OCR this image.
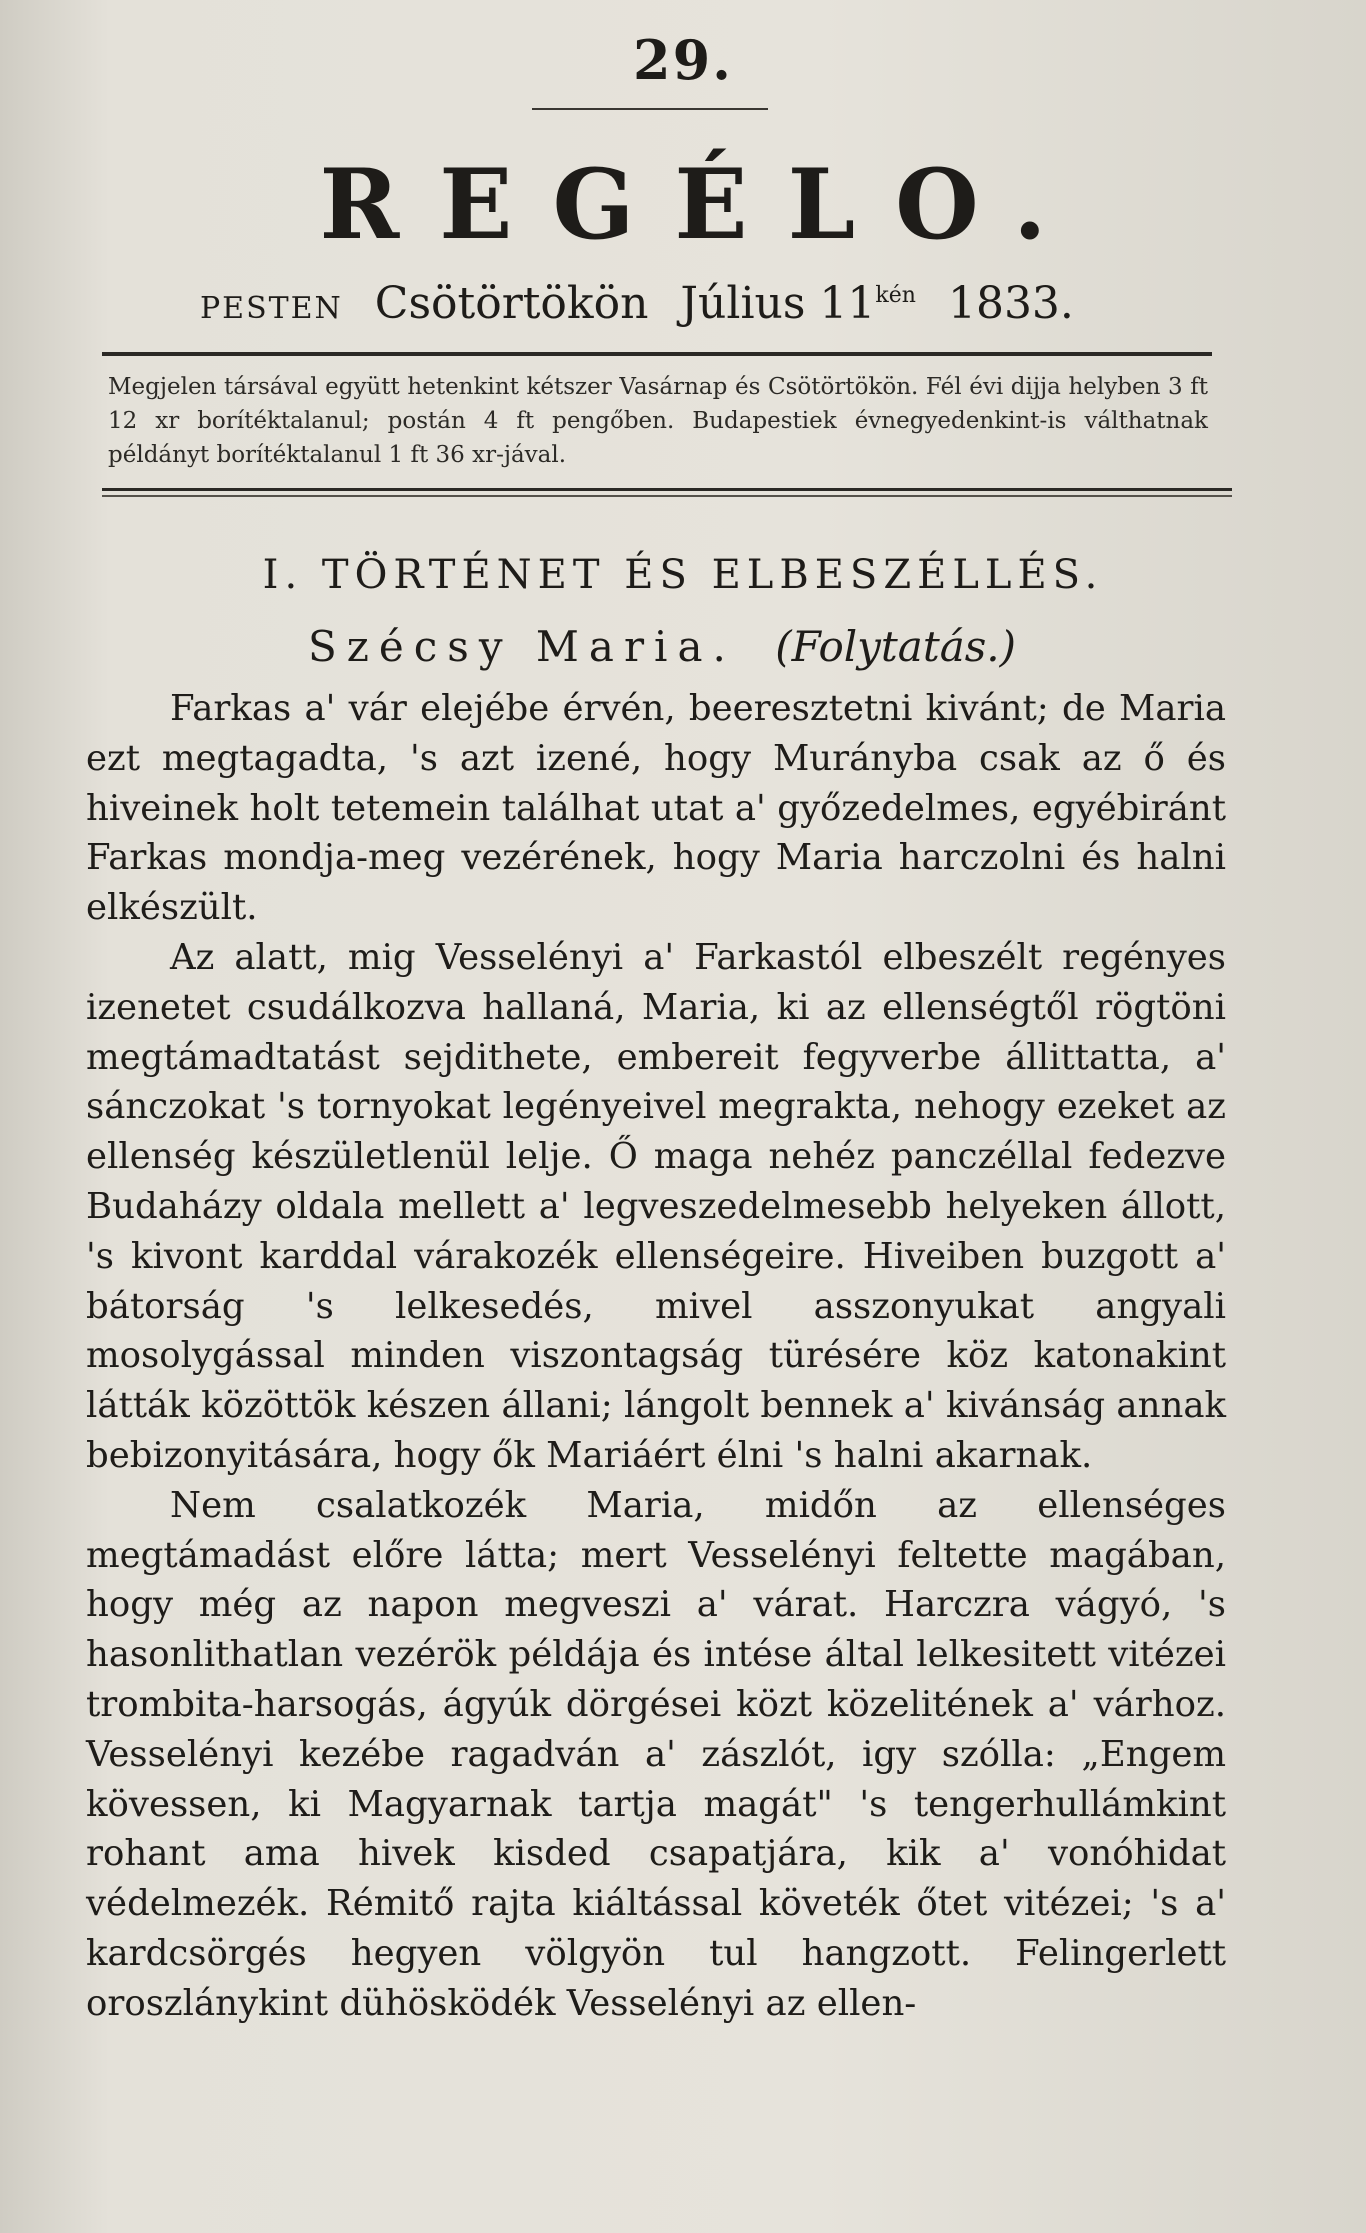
29.
REGÉLO.
PESTEN Csötörtökön Július $11^{kén}$ 1833.
Megjelen társával együtt hetenkint kétszer Vasárnap és Csötörtökön. Fél évi dijja helyben 3 ft 12 xr borítéktalanul; postán 4 ft pengőben. Budapestiek évnegyedenkint-is válthatnak példányt borítéktalanul 1 ft 36 xr-jával.
I. TÖRTÉNET ÉS ELBESZÉLLÉS.
Szécsy Maria. (Folytatás.)

Farkas a' vár elejébe érvén, beeresztetni kivánt; de Maria ezt megtagadta, 's azt izené, hogy Murányba csak az ő és hiveinek holt tetemein találhat utat a' győzedelmes, egyébiránt Farkas mondja-meg vezérének, hogy Maria harczolni és halni elkészült.

Az alatt, mig Vesselényi a' Farkastól elbeszélt regényes izenetet csudálkozva hallaná, Maria, ki az ellenségtől rögtöni megtámadtatást sejdithete, embereit fegyverbe állittatta, a' sánczokat 's tornyokat legényeivel megrakta, nehogy ezeket az ellenség készületlenül lelje. Ő maga nehéz panczéllal fedezve Budaházy oldala mellett a' legveszedelmesebb helyeken állott, 's kivont karddal várakozék ellenségeire. Hiveiben buzgott a' bátorság 's lelkesedés, mivel asszonyukat angyali mosolygással minden viszontagság türésére köz katonakint látták közöttök készen állani; lángolt bennek a' kivánság annak bebizonyitására, hogy ők Mariáért élni 's halni akarnak.

Nem csalatkozék Maria, midőn az ellenséges megtámadást előre látta; mert Vesselényi feltette magában, hogy még az napon megveszi a' várat. Harczra vágyó, 's hasonlithatlan vezérök példája és intése által lelkesitett vitézei trombita-harsogás, ágyúk dörgései közt közelitének a' várhoz. Vesselényi kezébe ragadván a' zászlót, igy szólla: „Engem kövessen, ki Magyarnak tartja magát" 's tengerhullámkint rohant ama hivek kisded csapatjára, kik a' vonóhidat védelmezék. Rémitő rajta kiáltással követék őtet vitézei; 's a' kardcsörgés hegyen völgyön tul hangzott. Felingerlett oroszlánykint dühösködék Vesselényi az ellen-
